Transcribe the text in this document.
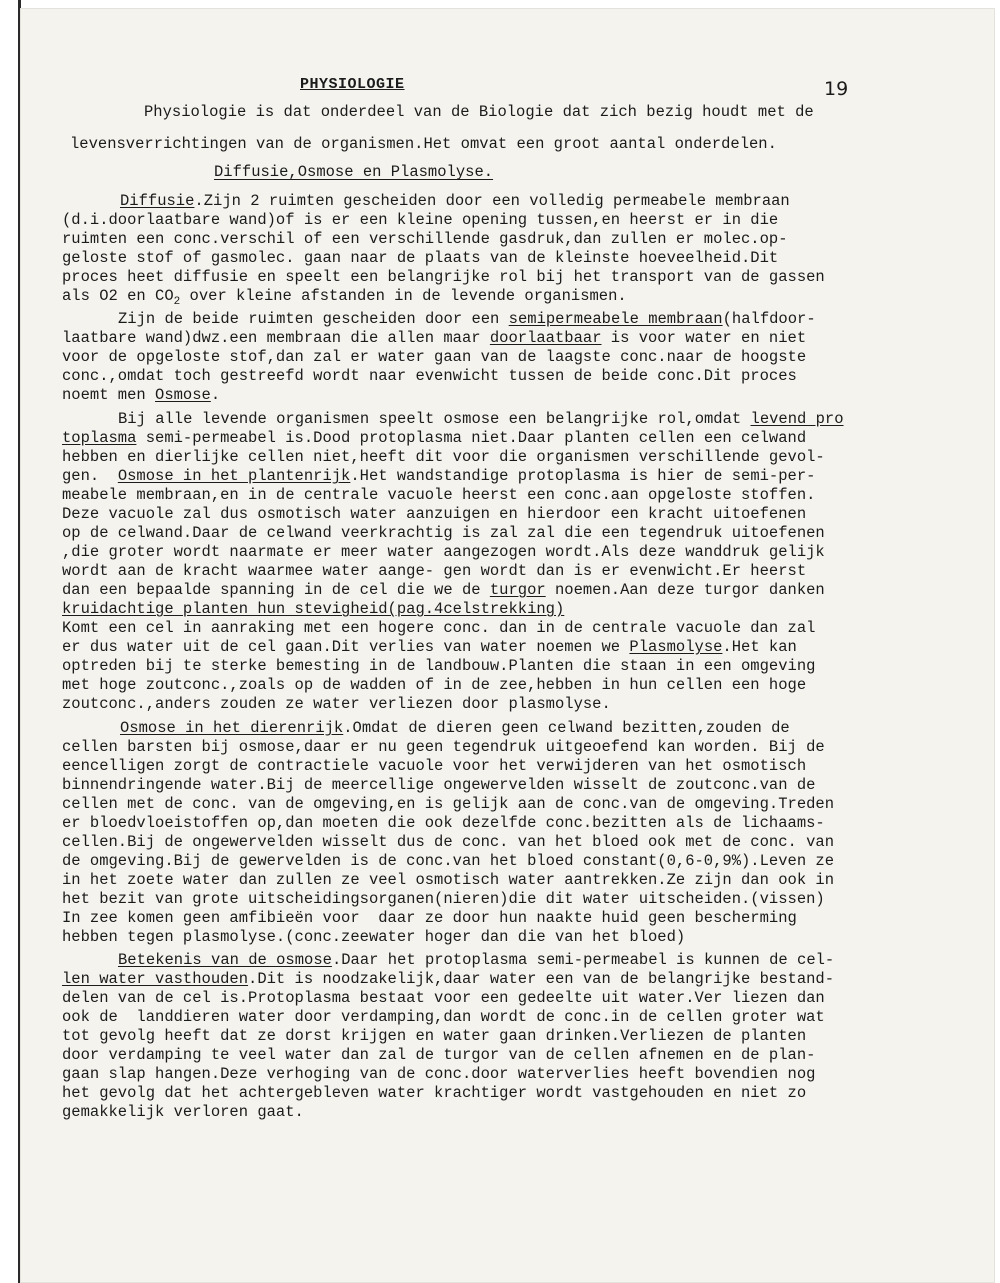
PHYSIOLOGIE	19
Physiologie is dat onderdeel van de Biologie dat zich bezig houdt met de
levensverrichtingen van de organismen.Het omvat een groot aantal onderdelen.
Diffusie,Osmose en Plasmolyse.
Diffusie.Zijn 2 ruimten gescheiden door een volledig permeabele membraan
(d.i.doorlaatbare wand)of is er een kleine opening tussen,en heerst er in die
ruimten een conc.verschil of een verschillende gasdruk,dan zullen er molec.op-
geloste stof of gasmolec. gaan naar de plaats van de kleinste hoeveelheid.Dit
proces heet diffusie en speelt een belangrijke rol bij het transport van de gassen
als O2 en $CO_2$ over kleine afstanden in de levende organismen.
Zijn de beide ruimten gescheiden door een semipermeabele membraan(halfdoor-
laatbare wand)dwz.een membraan die allen maar doorlaatbaar is voor water en niet
voor de opgeloste stof,dan zal er water gaan van de laagste conc.naar de hoogste
conc.,omdat toch gestreefd wordt naar evenwicht tussen de beide conc.Dit proces
noemt men Osmose.
Bij alle levende organismen speelt osmose een belangrijke rol,omdat levend pro
toplasma semi-permeabel is.Dood protoplasma niet.Daar planten cellen een celwand
hebben en dierlijke cellen niet,heeft dit voor die organismen verschillende gevol-
gen.  Osmose in het plantenrijk.Het wandstandige protoplasma is hier de semi-per-
meabele membraan,en in de centrale vacuole heerst een conc.aan opgeloste stoffen.
Deze vacuole zal dus osmotisch water aanzuigen en hierdoor een kracht uitoefenen
op de celwand.Daar de celwand veerkrachtig is zal zal die een tegendruk uitoefenen
,die groter wordt naarmate er meer water aangezogen wordt.Als deze wanddruk gelijk
wordt aan de kracht waarmee water aange- gen wordt dan is er evenwicht.Er heerst
dan een bepaalde spanning in de cel die we de turgor noemen.Aan deze turgor danken
kruidachtige planten hun stevigheid(pag.4celstrekking)
Komt een cel in aanraking met een hogere conc. dan in de centrale vacuole dan zal
er dus water uit de cel gaan.Dit verlies van water noemen we Plasmolyse.Het kan
optreden bij te sterke bemesting in de landbouw.Planten die staan in een omgeving
met hoge zoutconc.,zoals op de wadden of in de zee,hebben in hun cellen een hoge
zoutconc.,anders zouden ze water verliezen door plasmolyse.
Osmose in het dierenrijk.Omdat de dieren geen celwand bezitten,zouden de
cellen barsten bij osmose,daar er nu geen tegendruk uitgeoefend kan worden. Bij de
eencelligen zorgt de contractiele vacuole voor het verwijderen van het osmotisch
binnendringende water.Bij de meercellige ongewervelden wisselt de zoutconc.van de
cellen met de conc. van de omgeving,en is gelijk aan de conc.van de omgeving.Treden
er bloedvloeistoffen op,dan moeten die ook dezelfde conc.bezitten als de lichaams-
cellen.Bij de ongewervelden wisselt dus de conc. van het bloed ook met de conc. van
de omgeving.Bij de gewervelden is de conc.van het bloed constant(0,6-0,9%).Leven ze
in het zoete water dan zullen ze veel osmotisch water aantrekken.Ze zijn dan ook in
het bezit van grote uitscheidingsorganen(nieren)die dit water uitscheiden.(vissen)
In zee komen geen amfibieën voor  daar ze door hun naakte huid geen bescherming
hebben tegen plasmolyse.(conc.zeewater hoger dan die van het bloed)
Betekenis van de osmose.Daar het protoplasma semi-permeabel is kunnen de cel-
len water vasthouden.Dit is noodzakelijk,daar water een van de belangrijke bestand-
delen van de cel is.Protoplasma bestaat voor een gedeelte uit water.Ver liezen dan
ook de  landdieren water door verdamping,dan wordt de conc.in de cellen groter wat
tot gevolg heeft dat ze dorst krijgen en water gaan drinken.Verliezen de planten
door verdamping te veel water dan zal de turgor van de cellen afnemen en de plan-
gaan slap hangen.Deze verhoging van de conc.door waterverlies heeft bovendien nog
het gevolg dat het achtergebleven water krachtiger wordt vastgehouden en niet zo
gemakkelijk verloren gaat.
